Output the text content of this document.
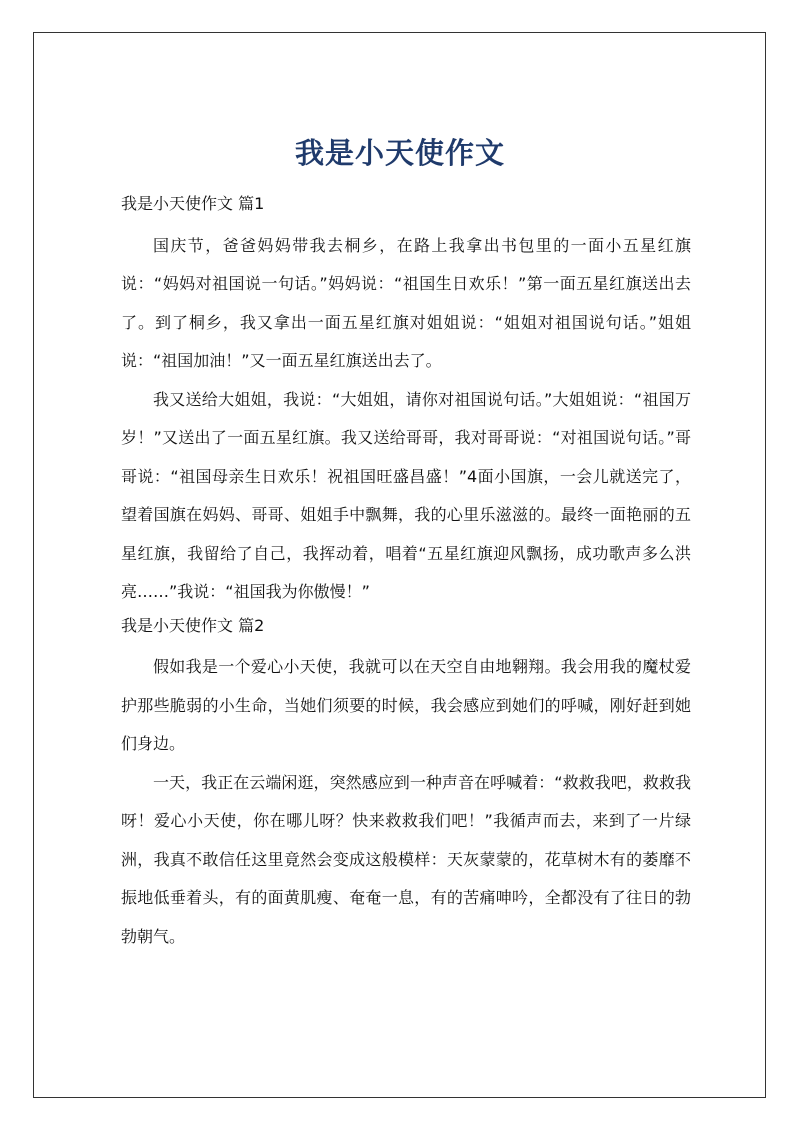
我是小天使作文

我是小天使作文 篇1

国庆节，爸爸妈妈带我去桐乡，在路上我拿出书包里的一面小五星红旗说：“妈妈对祖国说一句话。”妈妈说：“祖国生日欢乐！”第一面五星红旗送出去了。到了桐乡，我又拿出一面五星红旗对姐姐说：“姐姐对祖国说句话。”姐姐说：“祖国加油！”又一面五星红旗送出去了。

我又送给大姐姐，我说：“大姐姐，请你对祖国说句话。”大姐姐说：“祖国万岁！”又送出了一面五星红旗。我又送给哥哥，我对哥哥说：“对祖国说句话。”哥哥说：“祖国母亲生日欢乐！祝祖国旺盛昌盛！”4面小国旗，一会儿就送完了，望着国旗在妈妈、哥哥、姐姐手中飘舞，我的心里乐滋滋的。最终一面艳丽的五星红旗，我留给了自己，我挥动着，唱着“五星红旗迎风飘扬，成功歌声多么洪亮……”我说：“祖国我为你傲慢！”

我是小天使作文 篇2

假如我是一个爱心小天使，我就可以在天空自由地翱翔。我会用我的魔杖爱护那些脆弱的小生命，当她们须要的时候，我会感应到她们的呼喊，刚好赶到她们身边。

一天，我正在云端闲逛，突然感应到一种声音在呼喊着：“救救我吧，救救我呀！爱心小天使，你在哪儿呀？快来救救我们吧！”我循声而去，来到了一片绿洲，我真不敢信任这里竟然会变成这般模样：天灰蒙蒙的，花草树木有的萎靡不振地低垂着头，有的面黄肌瘦、奄奄一息，有的苦痛呻吟，全都没有了往日的勃勃朝气。
